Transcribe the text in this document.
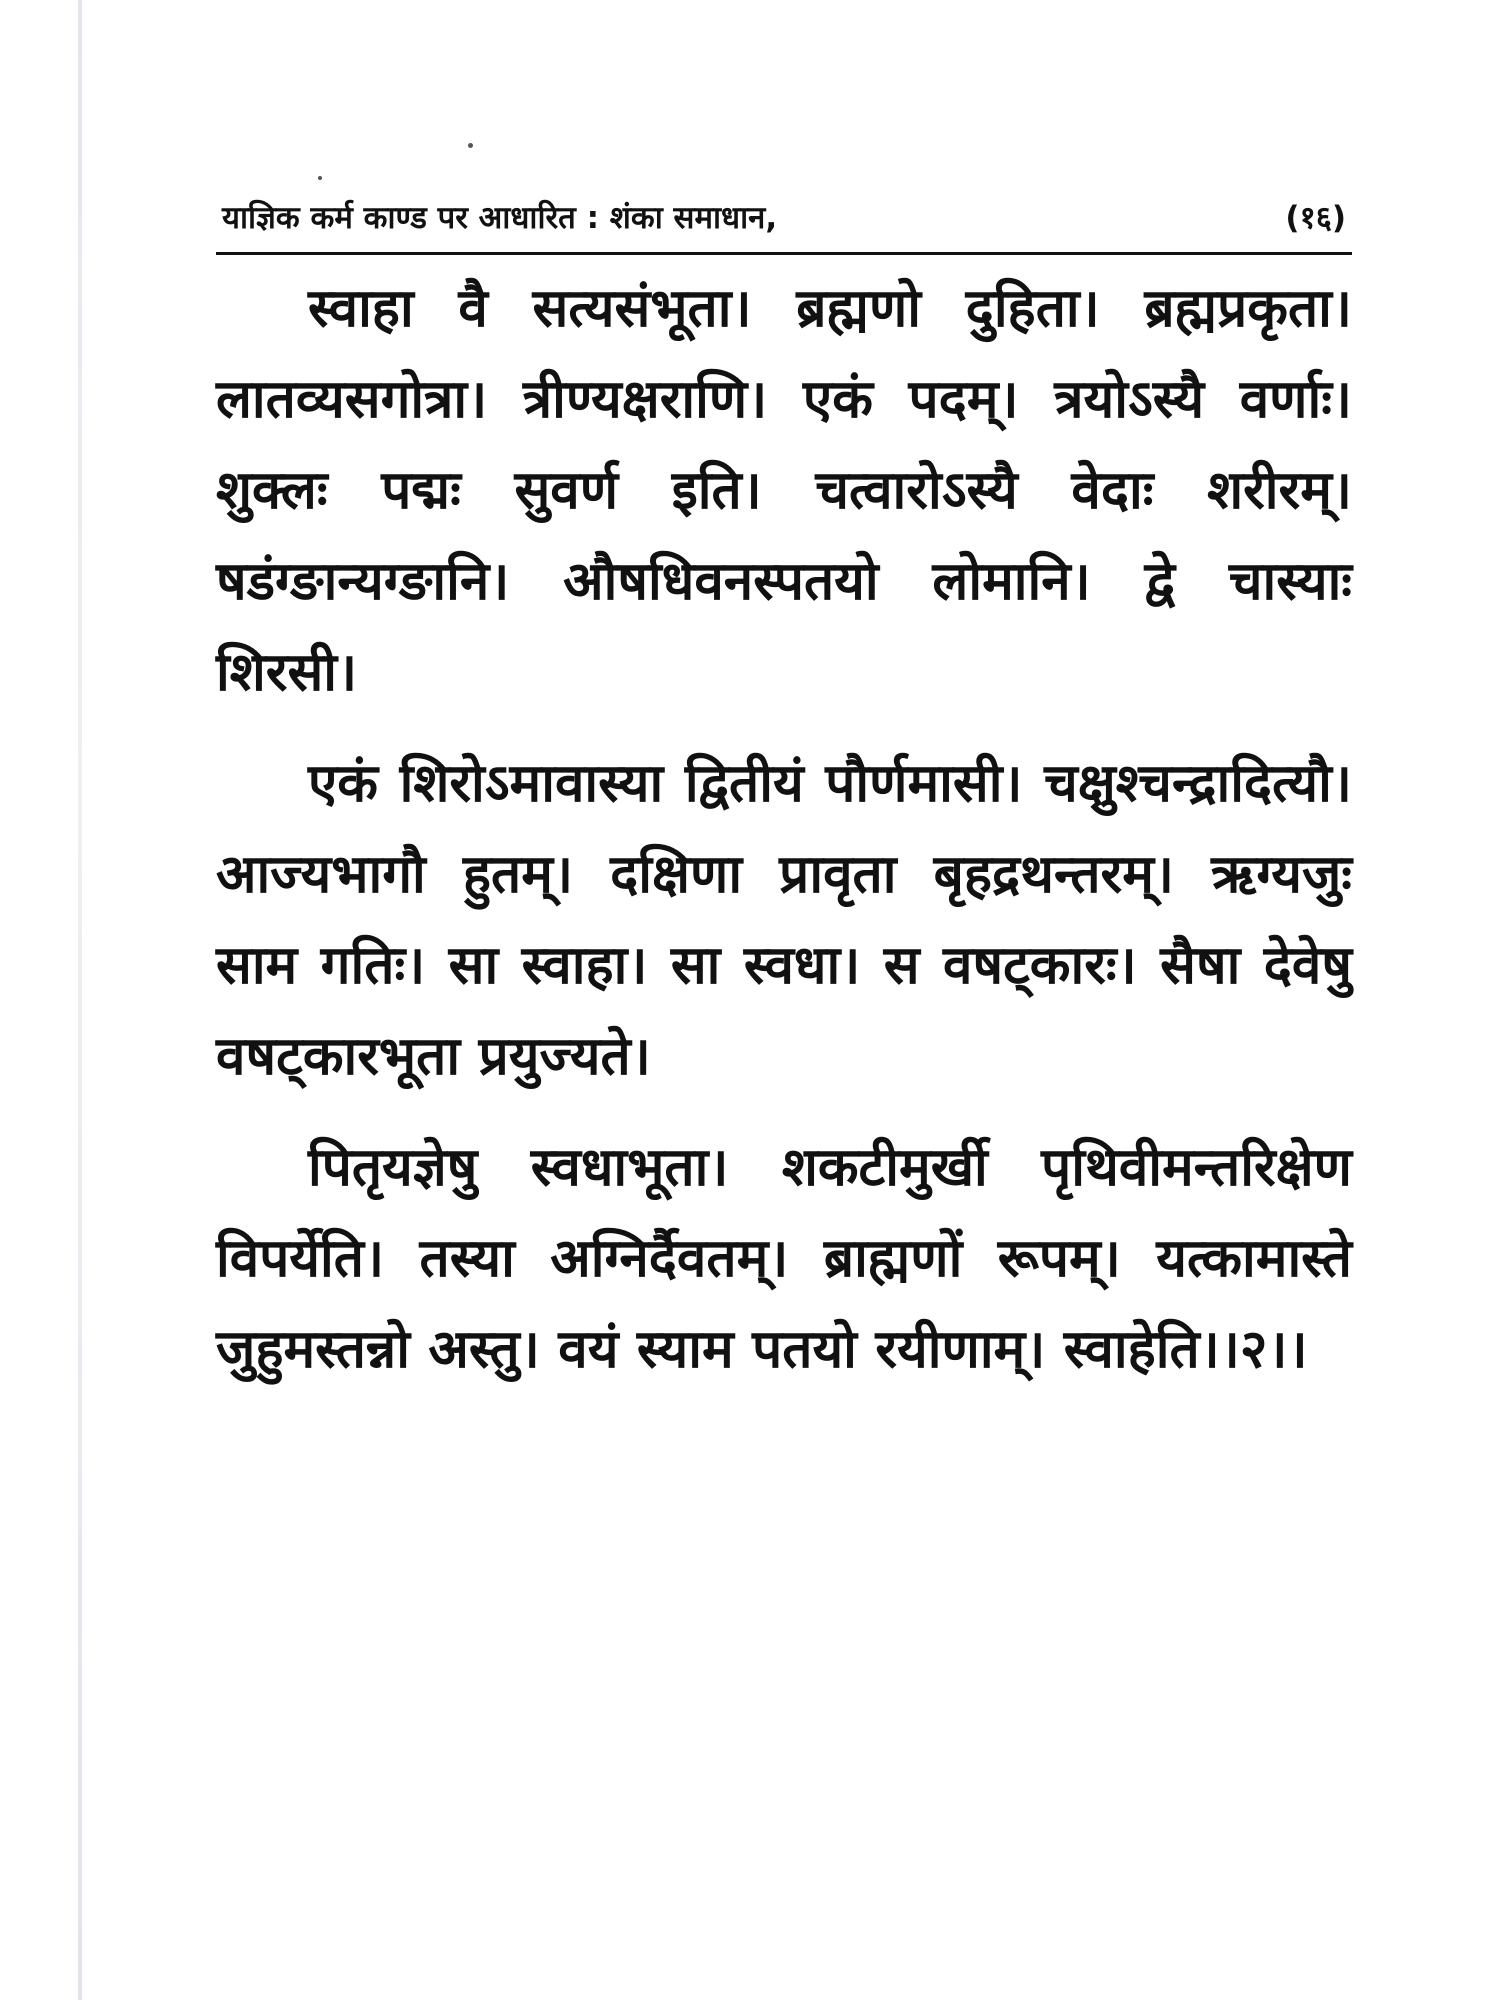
याज्ञिक कर्म काण्ड पर आधारित : शंका समाधान,	(१६)

स्वाहा वै सत्यसंभूता। ब्रह्मणो दुहिता। ब्रह्मप्रकृता। लातव्यसगोत्रा। त्रीण्यक्षराणि। एकं पदम्। त्रयोऽस्यै वर्णाः। शुक्लः पद्मः सुवर्ण इति। चत्वारोऽस्यै वेदाः शरीरम्। षडंग्ङान्यग्ङानि। औषधिवनस्पतयो लोमानि। द्वे चास्याः शिरसी।

एकं शिरोऽमावास्या द्वितीयं पौर्णमासी। चक्षुश्चन्द्रादित्यौ। आज्यभागौ हुतम्। दक्षिणा प्रावृता बृहद्रथन्तरम्। ऋग्यजुः साम गतिः। सा स्वाहा। सा स्वधा। स वषट्कारः। सैषा देवेषु वषट्कारभूता प्रयुज्यते।

पितृयज्ञेषु स्वधाभूता। शकटीमुर्खी पृथिवीमन्तरिक्षेण विपर्येति। तस्या अग्निर्दैवतम्। ब्राह्मणों रूपम्। यत्कामास्ते जुहुमस्तन्नो अस्तु। वयं स्याम पतयो रयीणाम्। स्वाहेति।।२।।
